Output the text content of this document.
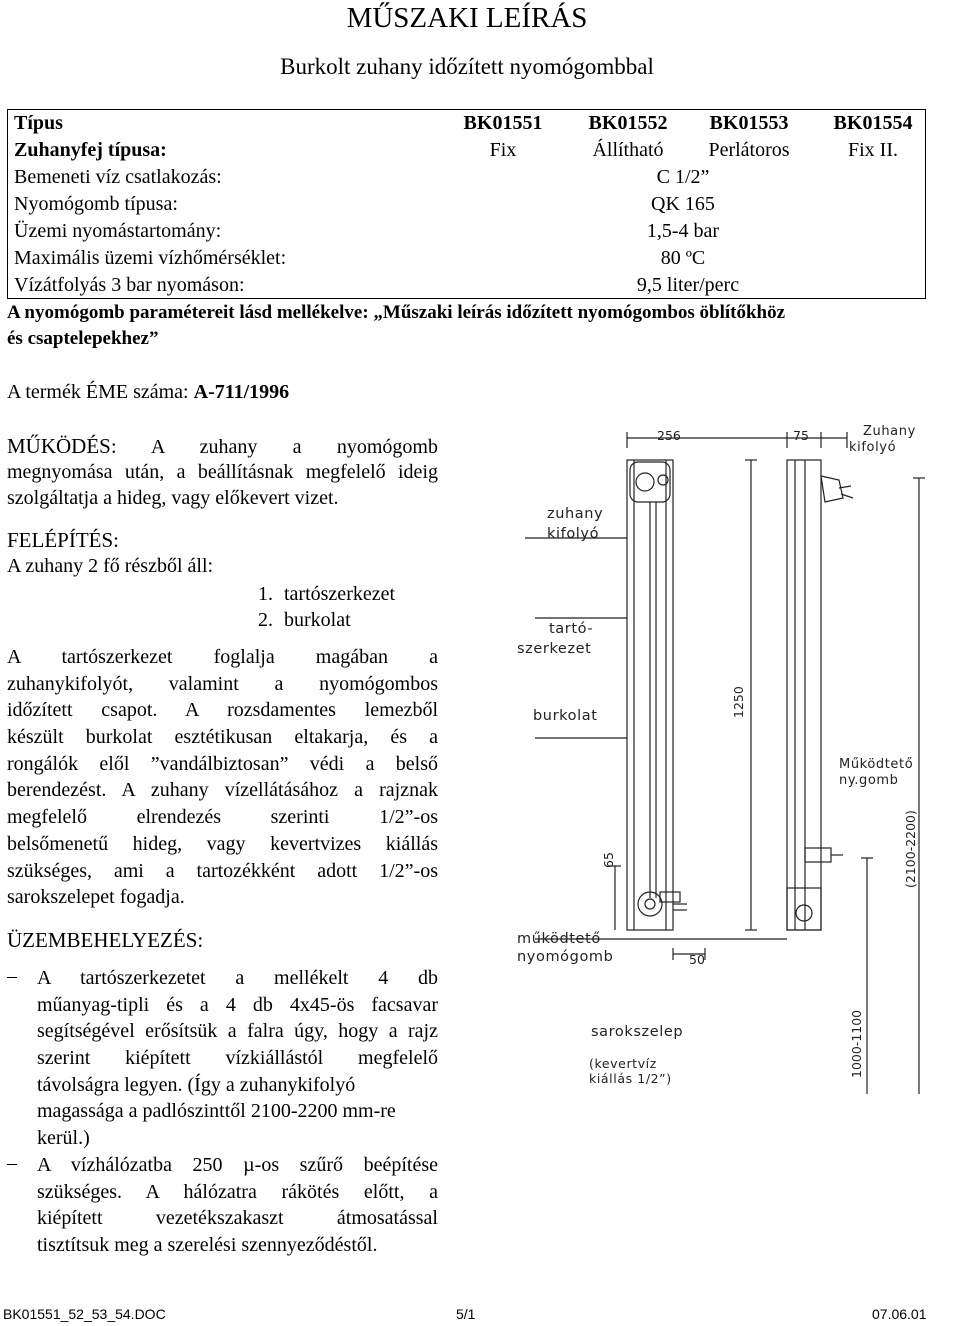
MŰSZAKI LEÍRÁS
Burkolt zuhany időzített nyomógombbal
Típus	BK01551	BK01552	BK01553	BK01554
Zuhanyfej típusa:	Fix	Állítható	Perlátoros	Fix II.
Bemeneti víz csatlakozás:	C 1/2”
Nyomógomb típusa:	QK 165
Üzemi nyomástartomány:	1,5-4 bar
Maximális üzemi vízhőmérséklet:	80 ºC
Vízátfolyás 3 bar nyomáson:	9,5 liter/perc
A nyomógomb paramétereit lásd mellékelve: „Műszaki leírás időzített nyomógombos öblítőkhöz
és csaptelepekhez”
A termék ÉME száma: A-711/1996
MŰKÖDÉS: A zuhany a nyomógomb
megnyomása után, a beállításnak megfelelő ideig
szolgáltatja a hideg, vagy előkevert vizet.
FELÉPÍTÉS:
A zuhany 2 fő részből áll:
1. tartószerkezet
2. burkolat
A tartószerkezet foglalja magában a
zuhanykifolyót, valamint a nyomógombos
időzített csapot. A rozsdamentes lemezből
készült burkolat esztétikusan eltakarja, és a
rongálók elől ”vandálbiztosan” védi a belső
berendezést. A zuhany vízellátásához a rajznak
megfelelő elrendezés szerinti 1/2”-os
belsőmenetű hideg, vagy kevertvizes kiállás
szükséges, ami a tartozékként adott 1/2”-os
sarokszelepet fogadja.
ÜZEMBEHELYEZÉS:
– A tartószerkezetet a mellékelt 4 db
műanyag-tipli és a 4 db 4x45-ös facsavar
segítségével erősítsük a falra úgy, hogy a rajz
szerint kiépített vízkiállástól megfelelő
távolságra legyen. (Így a zuhanykifolyó
magassága a padlószinttől 2100-2200 mm-re
kerül.)
– A vízhálózatba 250 µ-os szűrő beépítése
szükséges. A hálózatra rákötés előtt, a
kiépített vezetékszakaszt átmosatással
tisztítsuk meg a szerelési szennyeződéstől.
zuhany
kifolyó
tartó-
szerkezet
burkolat
működtető
nyomógomb
sarokszelep
(kevertvíz
kiállás 1/2”)
Zuhany
kifolyó
Működtető
ny.gomb
256	75
50
1250
65	(2100-2200)
1000-1100
BK01551_52_53_54.DOC	5/1	07.06.01
